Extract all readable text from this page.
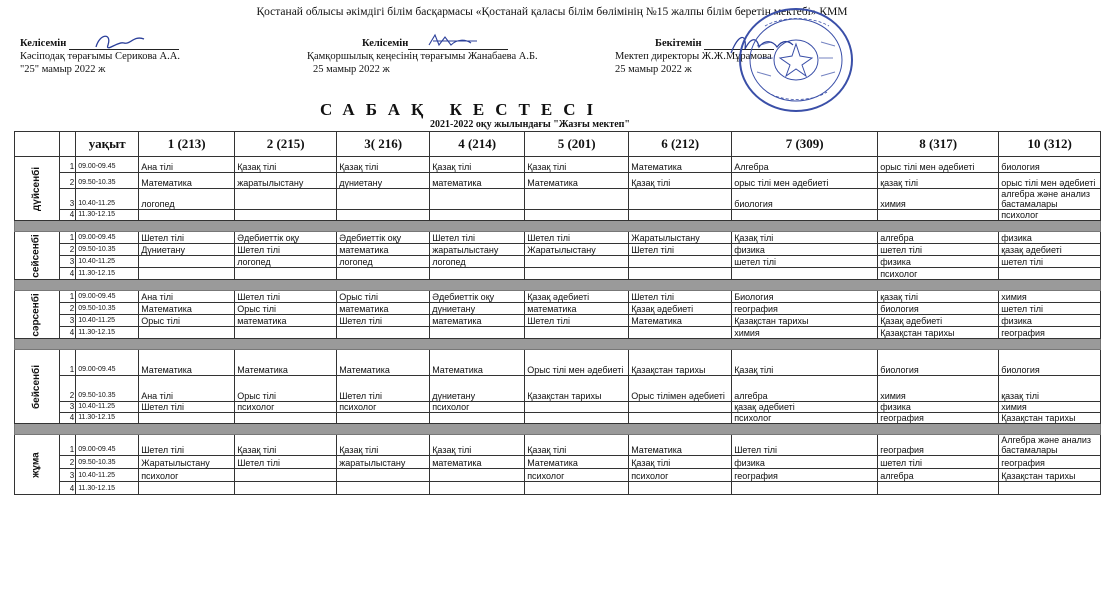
Қостанай облысы әкімдігі білім басқармасы «Қостанай қаласы білім бөлімінің №15 жалпы білім беретін мектебі» КММ
Келісемін
Кәсіподақ төрағымы Серикова А.А.
"25" мамыр 2022 ж
Келісемін
Қамқоршылық кеңесінің төрағымы Жанабаева А.Б.
25 мамыр 2022 ж
Бекітемін
Мектеп директоры Ж.Ж.Мұрамова
25 мамыр 2022 ж
САБАҚ КЕСТЕСІ
2021-2022 оқу жылындағы "Жазғы мектеп"
		уақыт	1 (213)	2 (215)	3( 216)	4 (214)	5 (201)	6 (212)	7 (309)	8 (317)	10 (312)
дүйсенбі	1	09.00-09.45	Ана тілі	Қазақ тілі	Қазақ тілі	Қазақ тілі	Қазақ тілі	Математика	Алгебра	орыс тілі мен әдебиеті	биология
	2	09.50-10.35	Математика	жаратылыстану	дүниетану	математика	Математика	Қазақ тілі	орыс тілі мен әдебиеті	қазақ тілі	орыс тілі мен әдебиеті
	3	10.40-11.25	логопед						биология	химия	алгебра және анализ бастамалары
	4	11.30-12.15									психолог

сейсенбі	1	09.00-09.45	Шетел тілі	Әдебиеттік оқу	Әдебиеттік оқу	Шетел тілі	Шетел тілі	Жаратылыстану	Қазақ тілі	алгебра	физика
	2	09.50-10.35	Дүниетану	Шетел тілі	математика	жаратылыстану	Жаратылыстану	Шетел тілі	физика	шетел тілі	қазақ әдебиеті
	3	10.40-11.25		логопед	логопед	логопед			шетел тілі	физика	шетел тілі
	4	11.30-12.15								психолог	

сәрсенбі	1	09.00-09.45	Ана тілі	Шетел тілі	Орыс тілі	Әдебиеттік оқу	Қазақ әдебиеті	Шетел тілі	Биология	қазақ тілі	химия
	2	09.50-10.35	Математика	Орыс тілі	математика	дүниетану	математика	Қазақ әдебиеті	география	биология	шетел тілі
	3	10.40-11.25	Орыс тілі	математика	Шетел тілі	математика	Шетел тілі	Математика	Қазақстан тарихы	Қазақ әдебиеті	физика
	4	11.30-12.15							химия	Қазақстан тарихы	география

бейсенбі	1	09.00-09.45	Математика	Математика	Математика	Математика	Орыс тілі мен әдебиеті	Қазақстан тарихы	Қазақ тілі	биология	биология
	2	09.50-10.35	Ана тілі	Орыс тілі	Шетел тілі	дүниетану	Қазақстан тарихы	Орыс тілімен әдебиеті	алгебра	химия	қазақ тілі
	3	10.40-11.25	Шетел тілі	психолог	психолог	психолог			қазақ әдебиеті	физика	химия
	4	11.30-12.15							психолог	география	Қазақстан тарихы

жұма	1	09.00-09.45	Шетел тілі	Қазақ тілі	Қазақ тілі	Қазақ тілі	Қазақ тілі	Математика	Шетел тілі	география	Алгебра және анализ бастамалары
	2	09.50-10.35	Жаратылыстану	Шетел тілі	жаратылыстану	математика	Математика	Қазақ тілі	физика	шетел тілі	география
	3	10.40-11.25	психолог				психолог	психолог	география	алгебра	Қазақстан тарихы
	4	11.30-12.15									
